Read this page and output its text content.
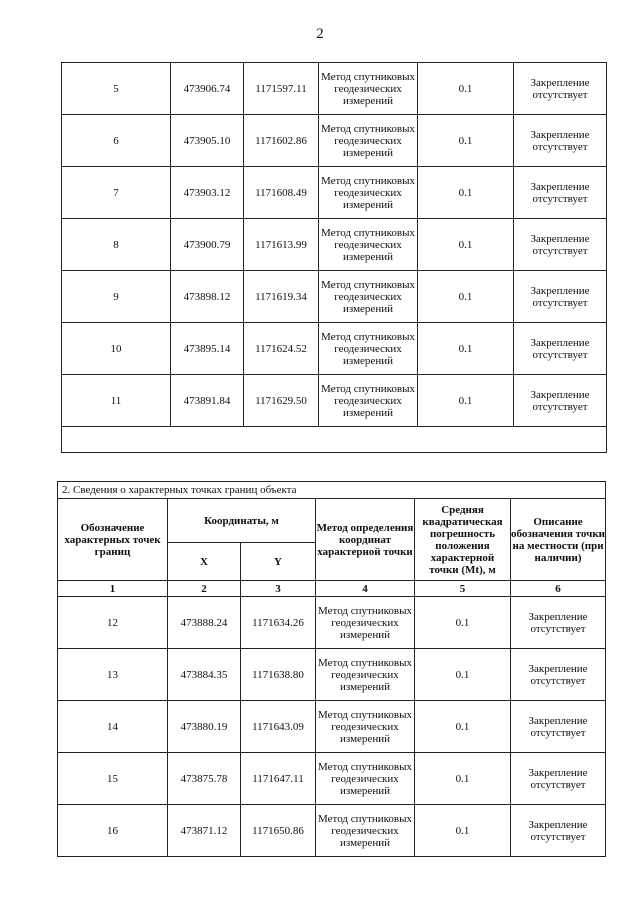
2
5	473906.74	1171597.11	Метод спутниковых геодезических измерений	0.1	Закрепление отсутствует
6	473905.10	1171602.86	Метод спутниковых геодезических измерений	0.1	Закрепление отсутствует
7	473903.12	1171608.49	Метод спутниковых геодезических измерений	0.1	Закрепление отсутствует
8	473900.79	1171613.99	Метод спутниковых геодезических измерений	0.1	Закрепление отсутствует
9	473898.12	1171619.34	Метод спутниковых геодезических измерений	0.1	Закрепление отсутствует
10	473895.14	1171624.52	Метод спутниковых геодезических измерений	0.1	Закрепление отсутствует
11	473891.84	1171629.50	Метод спутниковых геодезических измерений	0.1	Закрепление отсутствует

2. Сведения о характерных точках границ объекта					
Обозначение характерных точек границ	Координаты, м		Метод определения координат характерной точки	Средняя квадратическая погрешность положения характерной точки (Mt), м	Описание обозначения точки на местности (при наличии)
	X	Y			
1	2	3	4	5	6
12	473888.24	1171634.26	Метод спутниковых геодезических измерений	0.1	Закрепление отсутствует
13	473884.35	1171638.80	Метод спутниковых геодезических измерений	0.1	Закрепление отсутствует
14	473880.19	1171643.09	Метод спутниковых геодезических измерений	0.1	Закрепление отсутствует
15	473875.78	1171647.11	Метод спутниковых геодезических измерений	0.1	Закрепление отсутствует
16	473871.12	1171650.86	Метод спутниковых геодезических измерений	0.1	Закрепление отсутствует
